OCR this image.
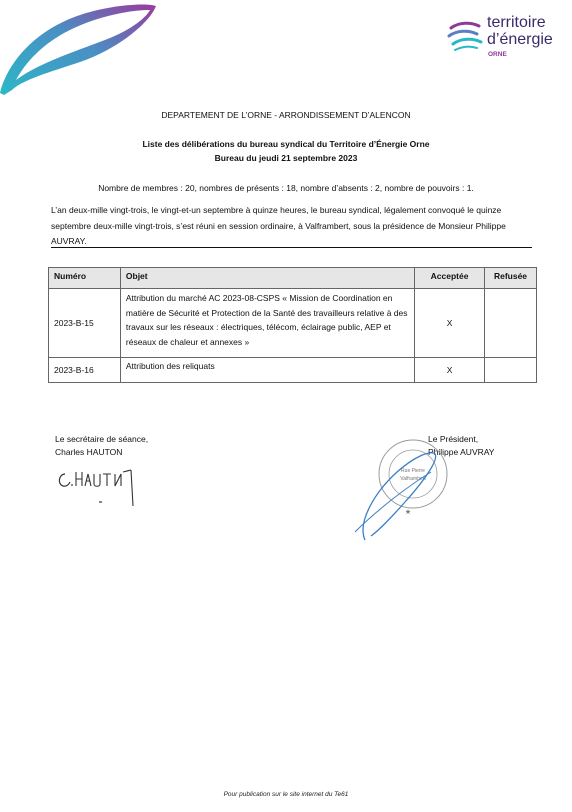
territoire
d’énergie
ORNE
DEPARTEMENT DE L’ORNE - ARRONDISSEMENT D’ALENCON
Liste des délibérations du bureau syndical du Territoire d’Énergie Orne
Bureau du jeudi 21 septembre 2023
Nombre de membres : 20, nombres de présents : 18, nombre d’absents : 2, nombre de pouvoirs : 1.
L’an deux-mille vingt-trois, le vingt-et-un septembre à quinze heures, le bureau syndical, légalement convoqué le quinze septembre deux-mille vingt-trois, s’est réuni en session ordinaire, à Valframbert, sous la présidence de Monsieur Philippe AUVRAY.
Numéro	Objet	Acceptée	Refusée
2023-B-15	Attribution du marché AC 2023-08-CSPS « Mission de Coordination en matière de Sécurité et Protection de la Santé des travailleurs relative à des travaux sur les réseaux : électriques, télécom, éclairage public, AEP et réseaux de chaleur et annexes »	X	
2023-B-16	Attribution des reliquats	X	
Le secrétaire de séance,
Charles HAUTON
Le Président,
Philippe AUVRAY
Rue Pierre
Valframbert
★
Pour publication sur le site internet du Te61
